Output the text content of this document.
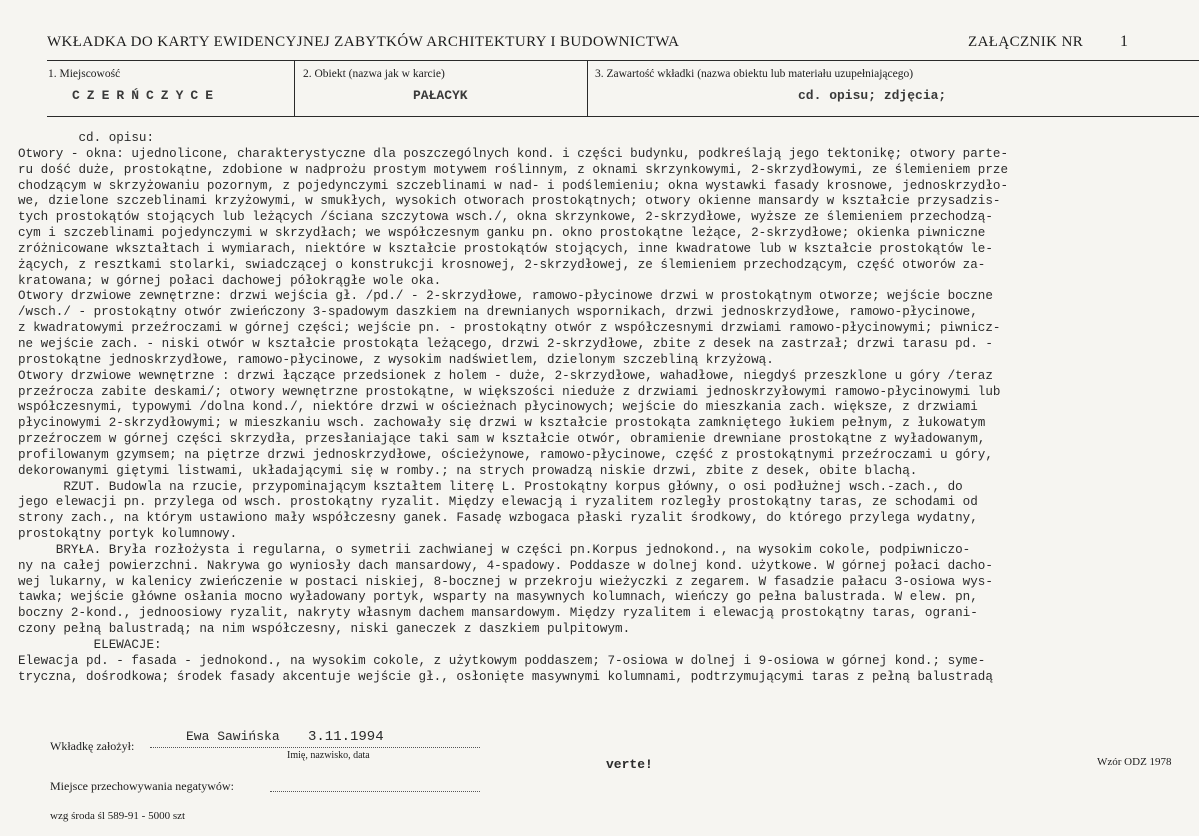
WKŁADKA DO KARTY EWIDENCYJNEJ ZABYTKÓW ARCHITEKTURY I BUDOWNICTWA	ZAŁĄCZNIK NR 1
1. Miejscowość
CZERŃCZYCE
2. Obiekt (nazwa jak w karcie)
PAŁACYK
3. Zawartość wkładki (nazwa obiektu lub materiału uzupełniającego)
cd. opisu; zdjęcia;

cd. opisu:

Otwory - okna: ujednolicone, charakterystyczne dla poszczególnych kond. i części budynku, podkreślają jego tektonikę; otwory parte-

ru dość duże, prostokątne, zdobione w nadprożu prostym motywem roślinnym, z oknami skrzynkowymi, 2-skrzydłowymi, ze ślemieniem prze

chodzącym w skrzyżowaniu pozornym, z pojedynczymi szczeblinami w nad- i podślemieniu; okna wystawki fasady krosnowe, jednoskrzydło-

we, dzielone szczeblinami krzyżowymi, w smukłych, wysokich otworach prostokątnych; otwory okienne mansardy w kształcie przysadzis-

tych prostokątów stojących lub leżących /ściana szczytowa wsch./, okna skrzynkowe, 2-skrzydłowe, wyższe ze ślemieniem przechodzą-

cym i szczeblinami pojedynczymi w skrzydłach; we współczesnym ganku pn. okno prostokątne leżące, 2-skrzydłowe; okienka piwniczne

zróżnicowane wkształtach i wymiarach, niektóre w kształcie prostokątów stojących, inne kwadratowe lub w kształcie prostokątów le-

żących, z resztkami stolarki, swiadczącej o konstrukcji krosnowej, 2-skrzydłowej, ze ślemieniem przechodzącym, część otworów za-

kratowana; w górnej połaci dachowej półokrągłe wole oka.

Otwory drzwiowe zewnętrzne: drzwi wejścia gł. /pd./ - 2-skrzydłowe, ramowo-płycinowe drzwi w prostokątnym otworze; wejście boczne

/wsch./ - prostokątny otwór zwieńczony 3-spadowym daszkiem na drewnianych wspornikach, drzwi jednoskrzydłowe, ramowo-płycinowe,

z kwadratowymi przeźroczami w górnej części; wejście pn. - prostokątny otwór z współczesnymi drzwiami ramowo-płycinowymi; piwnicz-

ne wejście zach. - niski otwór w kształcie prostokąta leżącego, drzwi 2-skrzydłowe, zbite z desek na zastrzał; drzwi tarasu pd. -

prostokątne jednoskrzydłowe, ramowo-płycinowe, z wysokim nadświetlem, dzielonym szczebliną krzyżową.

Otwory drzwiowe wewnętrzne : drzwi łączące przedsionek z holem - duże, 2-skrzydłowe, wahadłowe, niegdyś przeszklone u góry /teraz

przeźrocza zabite deskami/; otwory wewnętrzne prostokątne, w większości nieduże z drzwiami jednoskrzyłowymi ramowo-płycinowymi lub

współczesnymi, typowymi /dolna kond./, niektóre drzwi w ościeżnach płycinowych; wejście do mieszkania zach. większe, z drzwiami

płycinowymi 2-skrzydłowymi; w mieszkaniu wsch. zachowały się drzwi w kształcie prostokąta zamkniętego łukiem pełnym, z łukowatym

przeźroczem w górnej części skrzydła, przesłaniające taki sam w kształcie otwór, obramienie drewniane prostokątne z wyładowanym,

profilowanym gzymsem; na piętrze drzwi jednoskrzydłowe, ościeżynowe, ramowo-płycinowe, część z prostokątnymi przeźroczami u góry,

dekorowanymi giętymi listwami, układającymi się w romby.; na strych prowadzą niskie drzwi, zbite z desek, obite blachą.

RZUT. Budowla na rzucie, przypominającym kształtem literę L. Prostokątny korpus główny, o osi podłużnej wsch.-zach., do

jego elewacji pn. przylega od wsch. prostokątny ryzalit. Między elewacją i ryzalitem rozległy prostokątny taras, ze schodami od

strony zach., na którym ustawiono mały współczesny ganek. Fasadę wzbogaca płaski ryzalit środkowy, do którego przylega wydatny,

prostokątny portyk kolumnowy.

BRYŁA. Bryła rozłożysta i regularna, o symetrii zachwianej w części pn.Korpus jednokond., na wysokim cokole, podpiwniczo-

ny na całej powierzchni. Nakrywa go wyniosły dach mansardowy, 4-spadowy. Poddasze w dolnej kond. użytkowe. W górnej połaci dacho-

wej lukarny, w kalenicy zwieńczenie w postaci niskiej, 8-bocznej w przekroju wieżyczki z zegarem. W fasadzie pałacu 3-osiowa wys-

tawka; wejście główne osłania mocno wyładowany portyk, wsparty na masywnych kolumnach, wieńczy go pełna balustrada. W elew. pn,

boczny 2-kond., jednoosiowy ryzalit, nakryty własnym dachem mansardowym. Między ryzalitem i elewacją prostokątny taras, ograni-

czony pełną balustradą; na nim współczesny, niski ganeczek z daszkiem pulpitowym.

ELEWACJE:

Elewacja pd. - fasada - jednokond., na wysokim cokole, z użytkowym poddaszem; 7-osiowa w dolnej i 9-osiowa w górnej kond.; syme-

tryczna, dośrodkowa; środek fasady akcentuje wejście gł., osłonięte masywnymi kolumnami, podtrzymującymi taras z pełną balustradą

Wkładkę założył:
Ewa Sawińska 3.11.1994
Imię, nazwisko, data
verte!	Wzór ODZ 1978
Miejsce przechowywania negatywów:
wzg środa śl 589-91 - 5000 szt
